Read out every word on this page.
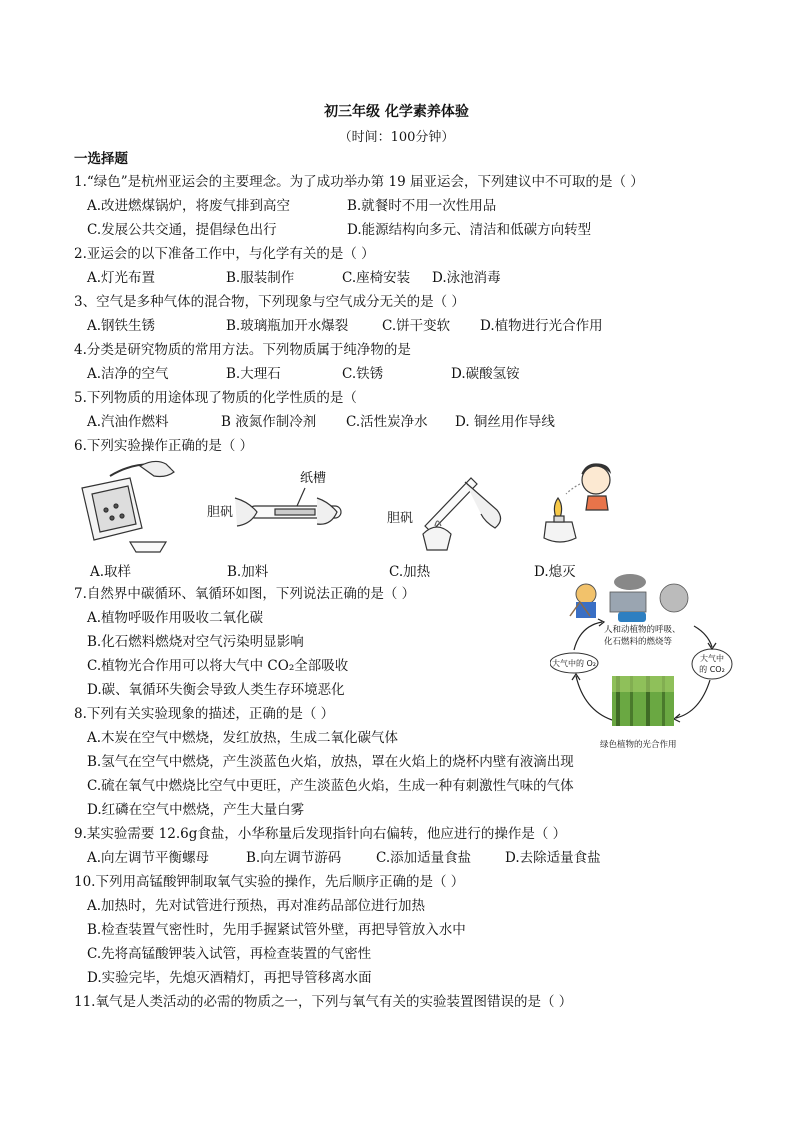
初三年级 化学素养体验
（时间：100分钟）
一选择题
1.“绿色”是杭州亚运会的主要理念。为了成功举办第 19 届亚运会，下列建议中不可取的是（ ）
A.改进燃煤锅炉，将废气排到高空	B.就餐时不用一次性用品
C.发展公共交通，提倡绿色出行	D.能源结构向多元、清洁和低碳方向转型
2.亚运会的以下准备工作中，与化学有关的是（ ）
A.灯光布置	B.服装制作	C.座椅安装 D.泳池消毒
3、空气是多种气体的混合物，下列现象与空气成分无关的是（ ）
A.钢铁生锈	B.玻璃瓶加开水爆裂	C.饼干变软 D.植物进行光合作用
4.分类是研究物质的常用方法。下列物质属于纯净物的是
A.洁净的空气	B.大理石	C.铁锈	D.碳酸氢铵
5.下列物质的用途体现了物质的化学性质的是（
A.汽油作燃料	B 液氮作制冷剂 C.活性炭净水 D. 铜丝用作导线
6.下列实验操作正确的是（ ）
A.取样
纸槽
胆矾
B.加料
胆矾
C.加热	D.熄灭
7.自然界中碳循环、氧循环如图，下列说法正确的是（ ）
A.植物呼吸作用吸收二氧化碳
B.化石燃料燃烧对空气污染明显影响
C.植物光合作用可以将大气中 CO₂全部吸收
D.碳、氧循环失衡会导致人类生存环境恶化
人和动植物的呼吸、
化石燃料的燃烧等
大气中的 O₂
大气中
的 CO₂
绿色植物的光合作用
8.下列有关实验现象的描述，正确的是（ ）
A.木炭在空气中燃烧，发红放热，生成二氧化碳气体
B.氢气在空气中燃烧，产生淡蓝色火焰，放热，罩在火焰上的烧杯内壁有液滴出现
C.硫在氧气中燃烧比空气中更旺，产生淡蓝色火焰，生成一种有刺激性气味的气体
D.红磷在空气中燃烧，产生大量白雾
9.某实验需要 12.6g食盐，小华称量后发现指针向右偏转，他应进行的操作是（ ）
A.向左调节平衡螺母	B.向左调节游码	C.添加适量食盐	D.去除适量食盐
10.下列用高锰酸钾制取氧气实验的操作，先后顺序正确的是（ ）
A.加热时，先对试管进行预热，再对准药品部位进行加热
B.检查装置气密性时，先用手握紧试管外壁，再把导管放入水中
C.先将高锰酸钾装入试管，再检查装置的气密性
D.实验完毕，先熄灭酒精灯，再把导管移离水面
11.氧气是人类活动的必需的物质之一，下列与氧气有关的实验装置图错误的是（ ）
